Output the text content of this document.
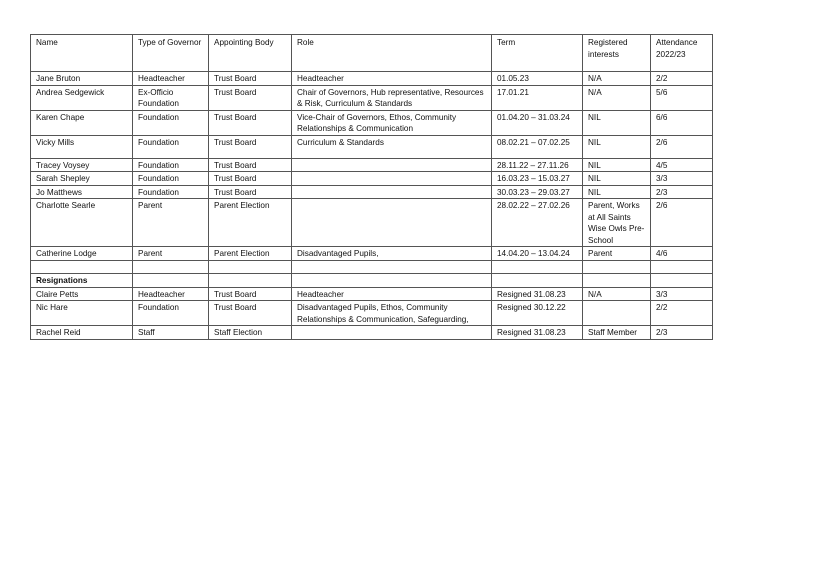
Name	Type of Governor	Appointing Body	Role	Term	Registered interests	Attendance 2022/23
Jane Bruton	Headteacher	Trust Board	Headteacher	01.05.23	N/A	2/2
Andrea Sedgewick	Ex-Officio Foundation	Trust Board	Chair of Governors, Hub representative, Resources & Risk, Curriculum & Standards	17.01.21	N/A	5/6
Karen Chape	Foundation	Trust Board	Vice-Chair of Governors, Ethos, Community Relationships & Communication	01.04.20 – 31.03.24	NIL	6/6
Vicky Mills	Foundation	Trust Board	Curriculum & Standards	08.02.21 – 07.02.25	NIL	2/6
Tracey Voysey	Foundation	Trust Board		28.11.22 – 27.11.26	NIL	4/5
Sarah Shepley	Foundation	Trust Board		16.03.23 – 15.03.27	NIL	3/3
Jo Matthews	Foundation	Trust Board		30.03.23 – 29.03.27	NIL	2/3
Charlotte Searle	Parent	Parent Election		28.02.22 – 27.02.26	Parent, Works at All Saints Wise Owls Pre-School	2/6
Catherine Lodge	Parent	Parent Election	Disadvantaged Pupils,	14.04.20 – 13.04.24	Parent	4/6

Resignations						
Claire Petts	Headteacher	Trust Board	Headteacher	Resigned 31.08.23	N/A	3/3
Nic Hare	Foundation	Trust Board	Disadvantaged Pupils, Ethos, Community Relationships & Communication, Safeguarding,	Resigned 30.12.22		2/2
Rachel Reid	Staff	Staff Election		Resigned 31.08.23	Staff Member	2/3
